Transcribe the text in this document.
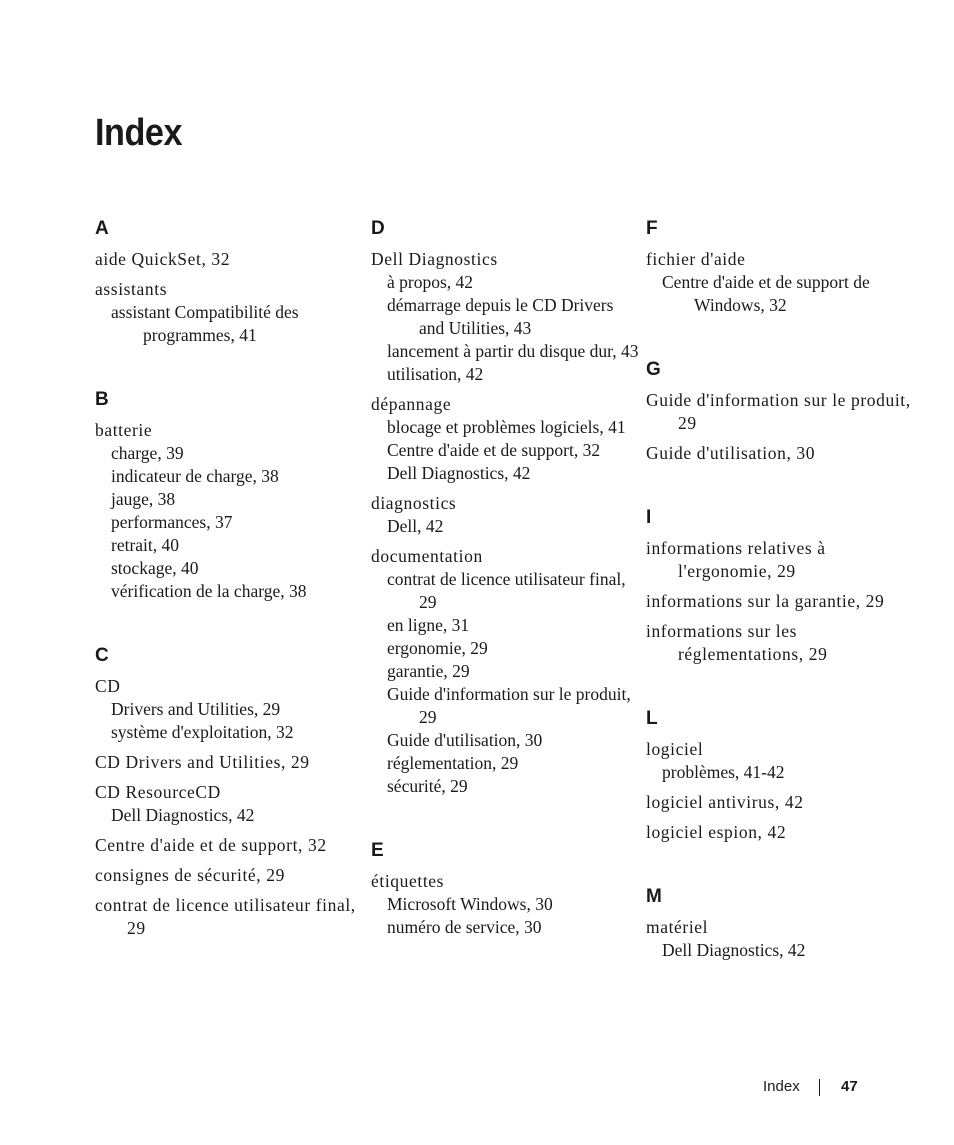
Index
A
aide QuickSet, 32
assistants
assistant Compatibilité des programmes, 41
B
batterie
charge, 39
indicateur de charge, 38
jauge, 38
performances, 37
retrait, 40
stockage, 40
vérification de la charge, 38
C
CD
Drivers and Utilities, 29
système d'exploitation, 32
CD Drivers and Utilities, 29
CD ResourceCD
Dell Diagnostics, 42
Centre d'aide et de support, 32
consignes de sécurité, 29
contrat de licence utilisateur final, 29
D
Dell Diagnostics
à propos, 42
démarrage depuis le CD Drivers and Utilities, 43
lancement à partir du disque dur, 43
utilisation, 42
dépannage
blocage et problèmes logiciels, 41
Centre d'aide et de support, 32
Dell Diagnostics, 42
diagnostics
Dell, 42
documentation
contrat de licence utilisateur final, 29
en ligne, 31
ergonomie, 29
garantie, 29
Guide d'information sur le produit, 29
Guide d'utilisation, 30
réglementation, 29
sécurité, 29
E
étiquettes
Microsoft Windows, 30
numéro de service, 30
F
fichier d'aide
Centre d'aide et de support de Windows, 32
G
Guide d'information sur le produit, 29
Guide d'utilisation, 30
I
informations relatives à l'ergonomie, 29
informations sur la garantie, 29
informations sur les réglementations, 29
L
logiciel
problèmes, 41-42
logiciel antivirus, 42
logiciel espion, 42
M
matériel
Dell Diagnostics, 42
Index	47
